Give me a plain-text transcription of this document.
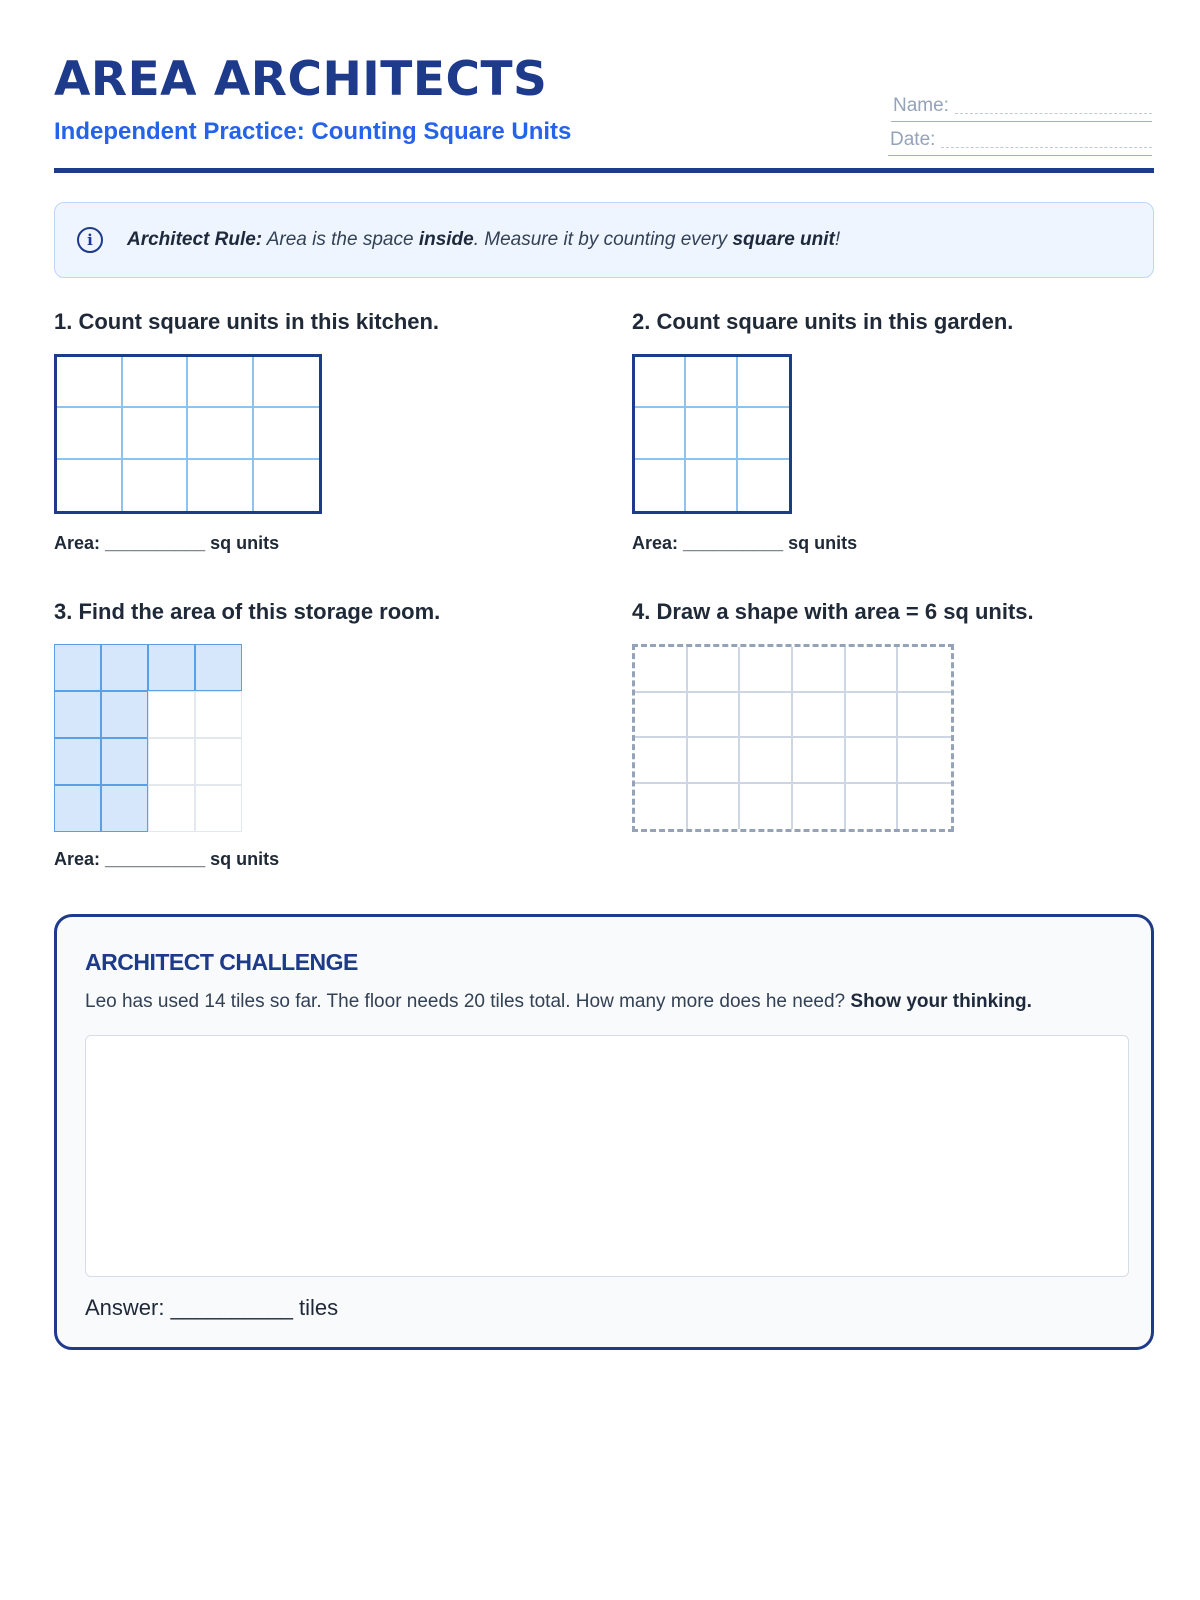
AREA ARCHITECTS
Independent Practice: Counting Square Units
Name:
Date:
i	Architect Rule: Area is the space inside. Measure it by counting every square unit!
1. Count square units in this kitchen.
Area: __________ sq units
2. Count square units in this garden.
Area: __________ sq units
3. Find the area of this storage room.
Area: __________ sq units
4. Draw a shape with area = 6 sq units.
ARCHITECT CHALLENGE
Leo has used 14 tiles so far. The floor needs 20 tiles total. How many more does he need? Show your thinking.
Answer: __________ tiles
